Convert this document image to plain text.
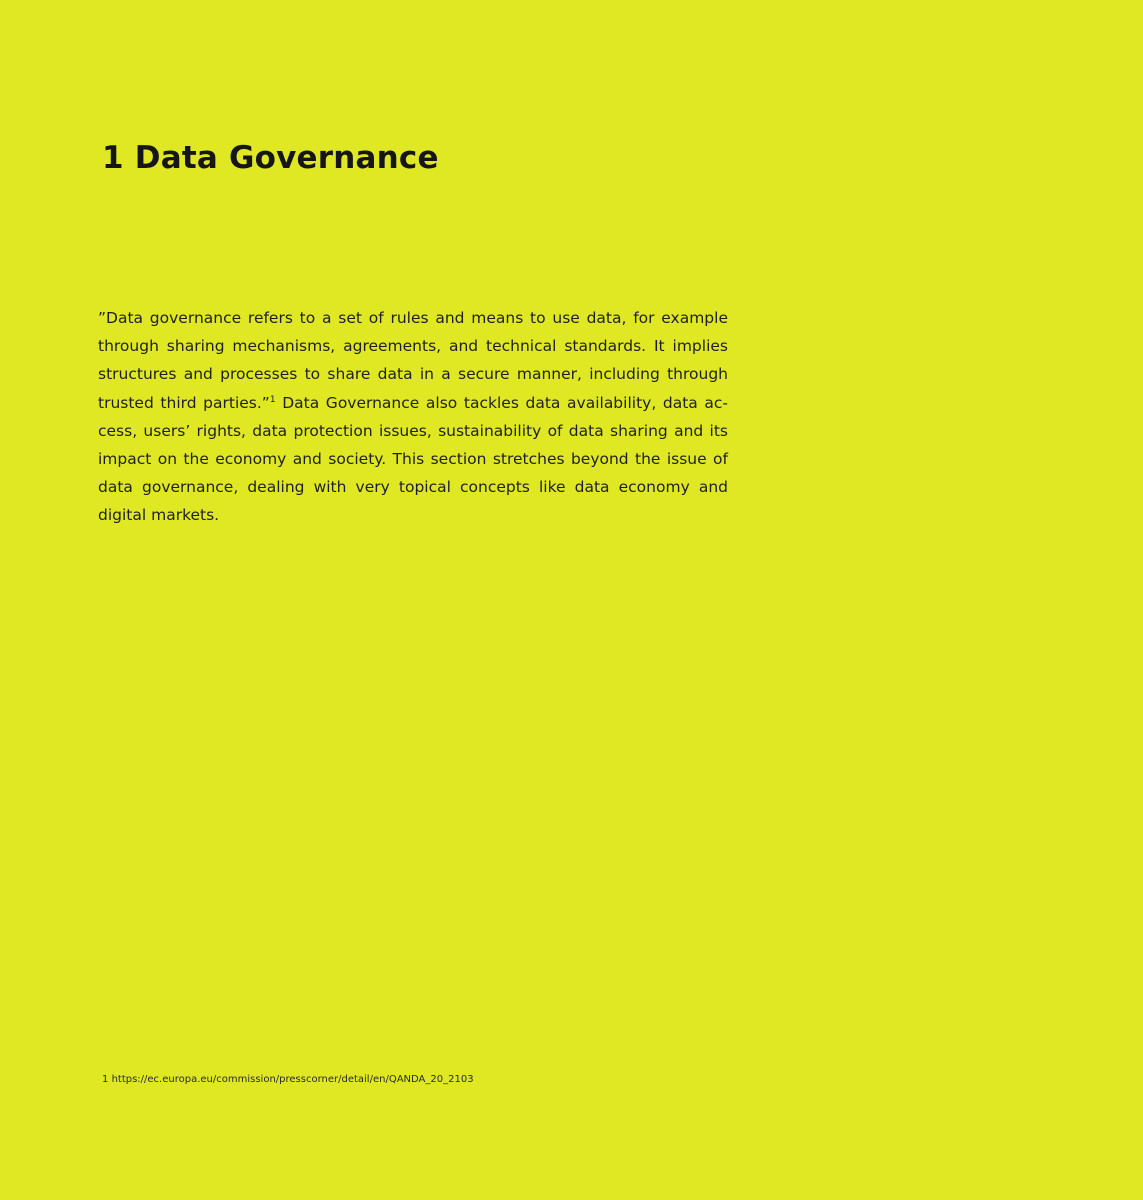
1 Data Governance

”Data governance refers to a set of rules and means to use data, for example through sharing mechanisms, agreements, and technical standards. It implies structures and processes to share data in a secure manner, including through trusted third parties.”$^1$ Data Governance also tackles data availability, data ac-cess, users’ rights, data protection issues, sustainability of data sharing and its impact on the economy and society. This section stretches beyond the issue of data governance, dealing with very topical concepts like data economy and digital markets.

1 https://ec.europa.eu/commission/presscorner/detail/en/QANDA_20_2103
